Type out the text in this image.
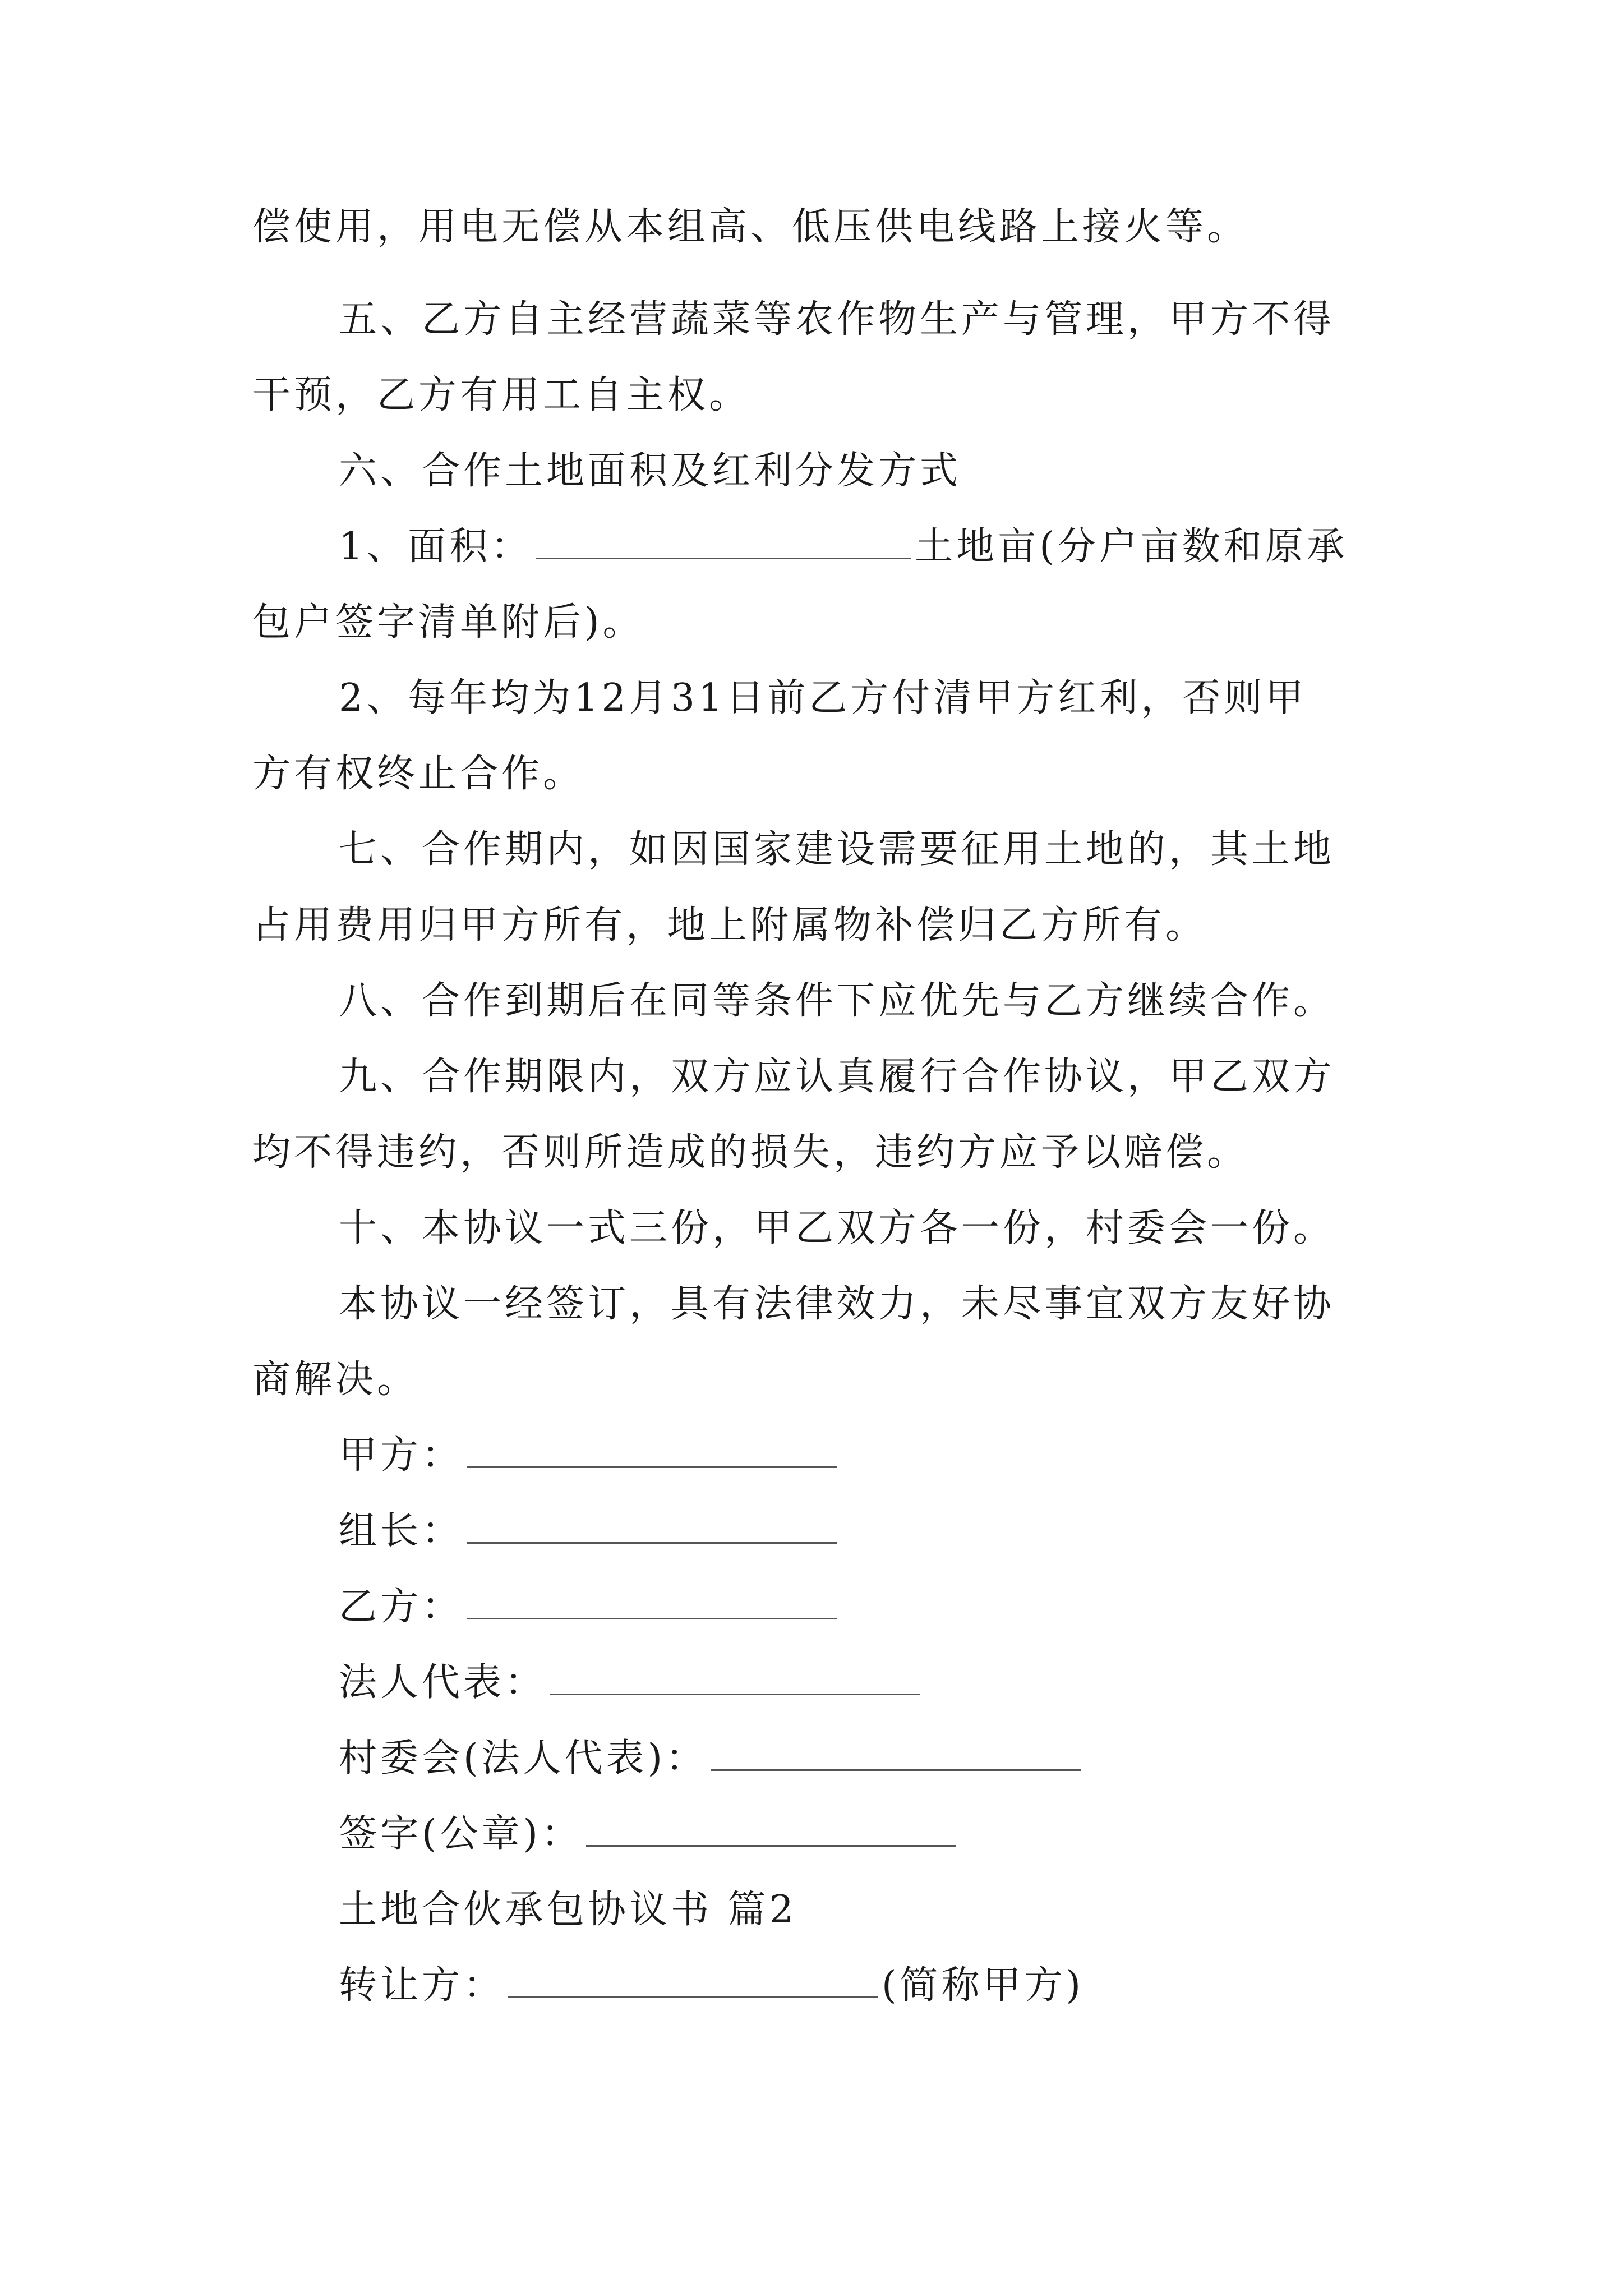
偿使用，用电无偿从本组高、低压供电线路上接火等。
五、乙方自主经营蔬菜等农作物生产与管理，甲方不得
干预，乙方有用工自主权。
六、合作土地面积及红利分发方式
1、面积：	土地亩(分户亩数和原承
包户签字清单附后)。
2、每年均为12月31日前乙方付清甲方红利，否则甲
方有权终止合作。
七、合作期内，如因国家建设需要征用土地的，其土地
占用费用归甲方所有，地上附属物补偿归乙方所有。
八、合作到期后在同等条件下应优先与乙方继续合作。
九、合作期限内，双方应认真履行合作协议，甲乙双方
均不得违约，否则所造成的损失，违约方应予以赔偿。
十、本协议一式三份，甲乙双方各一份，村委会一份。
本协议一经签订，具有法律效力，未尽事宜双方友好协
商解决。
甲方：
组长：
乙方：
法人代表：
村委会(法人代表)：
签字(公章)：
土地合伙承包协议书 篇2
转让方：	(简称甲方)
